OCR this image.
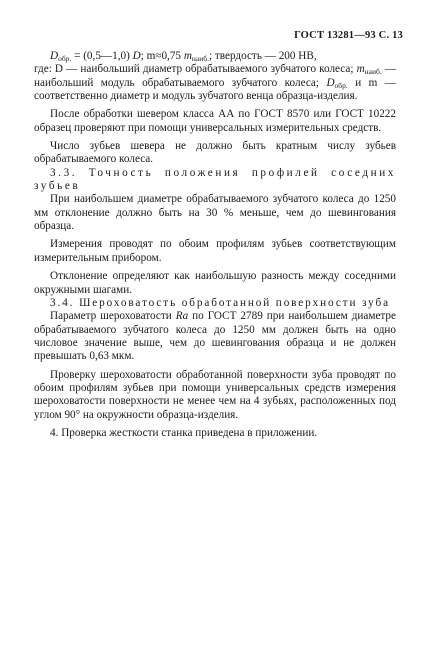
ГОСТ 13281—93 С. 13

$D_{обр.}$ = (0,5—1,0) D; m≈0,75 $m_{наиб.}$; твердость — 200 HB,

где: D — наибольший диаметр обрабатываемого зубчатого колеса; $m_{наиб.}$ — наибольший модуль обрабатываемого зубчатого колеса; $D_{обр.}$ и m — соответственно диаметр и модуль зубчатого венца образца-изделия.

После обработки шевером класса АА по ГОСТ 8570 или ГОСТ 10222 образец проверяют при помощи универсальных измерительных средств.

Число зубьев шевера не должно быть кратным числу зубьев обрабатываемого колеса.

3.3. Точность положения профилей соседних зубьев

При наибольшем диаметре обрабатываемого зубчатого колеса до 1250 мм отклонение должно быть на 30 % меньше, чем до шевингования образца.

Измерения проводят по обоим профилям зубьев соответствующим измерительным прибором.

Отклонение определяют как наибольшую разность между соседними окружными шагами.

3.4. Шероховатость обработанной поверхности зуба

Параметр шероховатости Ra по ГОСТ 2789 при наибольшем диаметре обрабатываемого зубчатого колеса до 1250 мм должен быть на одно числовое значение выше, чем до шевингования образца и не должен превышать 0,63 мкм.

Проверку шероховатости обработанной поверхности зуба проводят по обоим профилям зубьев при помощи универсальных средств измерения шероховатости поверхности не менее чем на 4 зубьях, расположенных под углом 90° на окружности образца-изделия.

4. Проверка жесткости станка приведена в приложении.
